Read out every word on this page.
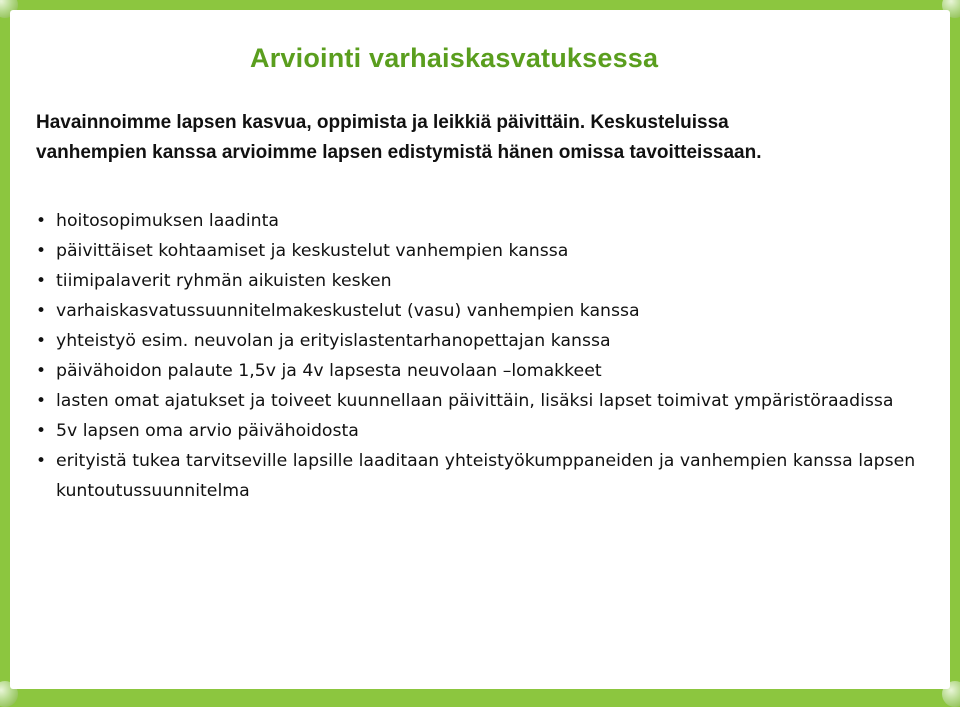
Arviointi varhaiskasvatuksessa

Havainnoimme lapsen kasvua, oppimista ja leikkiä päivittäin. Keskusteluissa
vanhempien kanssa arvioimme lapsen edistymistä hänen omissa tavoitteissaan.

• hoitosopimuksen laadinta
• päivittäiset kohtaamiset ja keskustelut vanhempien kanssa
• tiimipalaverit ryhmän aikuisten kesken
• varhaiskasvatussuunnitelmakeskustelut (vasu) vanhempien kanssa
• yhteistyö esim. neuvolan ja erityislastentarhanopettajan kanssa
• päivähoidon palaute 1,5v ja 4v lapsesta neuvolaan –lomakkeet
• lasten omat ajatukset ja toiveet kuunnellaan päivittäin, lisäksi lapset toimivat ympäristöraadissa
• 5v lapsen oma arvio päivähoidosta
• erityistä tukea tarvitseville lapsille laaditaan yhteistyökumppaneiden ja vanhempien kanssa lapsen kuntoutussuunnitelma
